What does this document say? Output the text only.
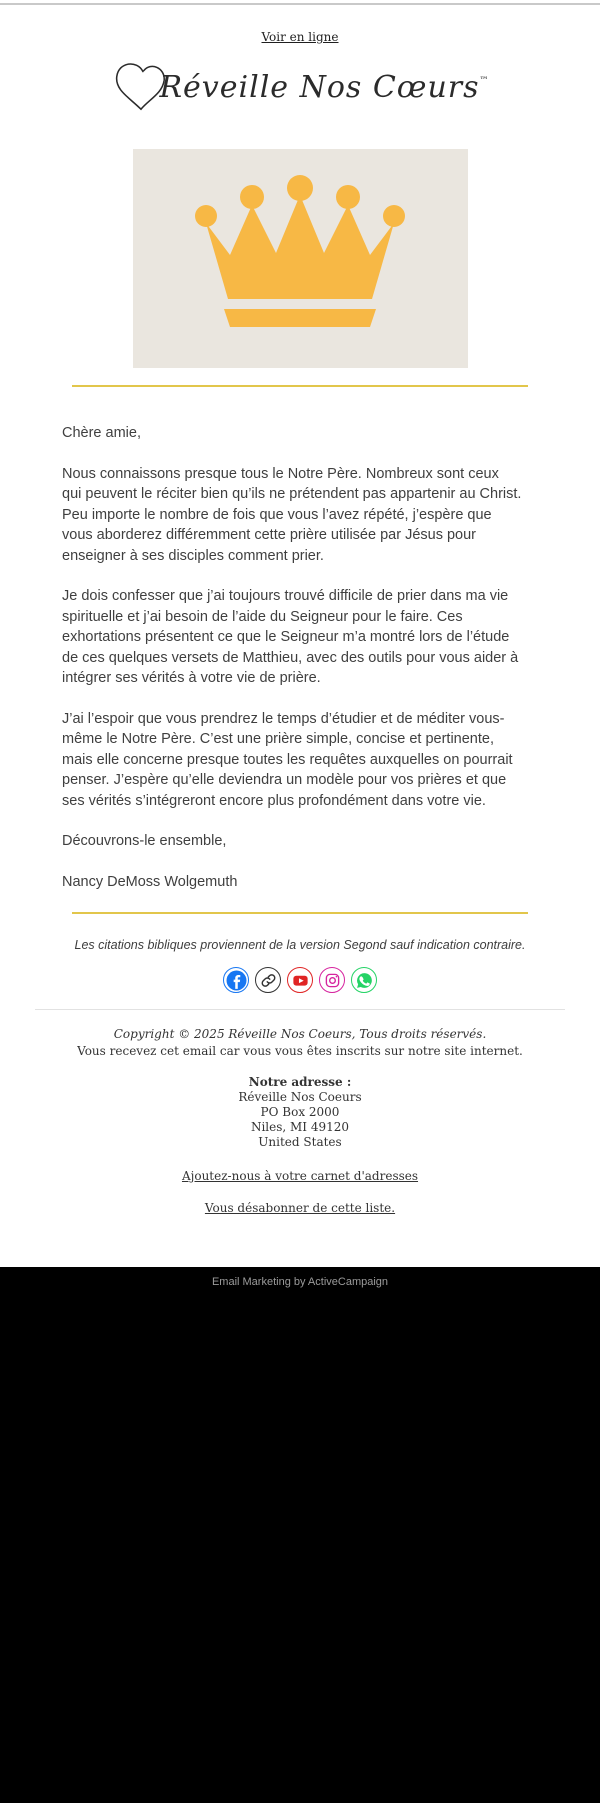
Voir en ligne
Réveille Nos Cœurs™

Chère amie,

Nous connaissons presque tous le Notre Père. Nombreux sont ceux qui peuvent le réciter bien qu’ils ne prétendent pas appartenir au Christ. Peu importe le nombre de fois que vous l’avez répété, j’espère que vous aborderez différemment cette prière utilisée par Jésus pour enseigner à ses disciples comment prier.

Je dois confesser que j’ai toujours trouvé difficile de prier dans ma vie spirituelle et j’ai besoin de l’aide du Seigneur pour le faire. Ces exhortations présentent ce que le Seigneur m’a montré lors de l’étude de ces quelques versets de Matthieu, avec des outils pour vous aider à intégrer ses vérités à votre vie de prière.

J’ai l’espoir que vous prendrez le temps d’étudier et de méditer vous-même le Notre Père. C’est une prière simple, concise et pertinente, mais elle concerne presque toutes les requêtes auxquelles on pourrait penser. J’espère qu’elle deviendra un modèle pour vos prières et que ses vérités s’intégreront encore plus profondément dans votre vie.

Découvrons-le ensemble,

Nancy DeMoss Wolgemuth

Les citations bibliques proviennent de la version Segond sauf indication contraire.
Copyright © 2025 Réveille Nos Coeurs, Tous droits réservés.
Vous recevez cet email car vous vous êtes inscrits sur notre site internet.
Notre adresse :
Réveille Nos Coeurs
PO Box 2000
Niles, MI 49120
United States
Ajoutez-nous à votre carnet d'adresses
Vous désabonner de cette liste.
Email Marketing by ActiveCampaign
